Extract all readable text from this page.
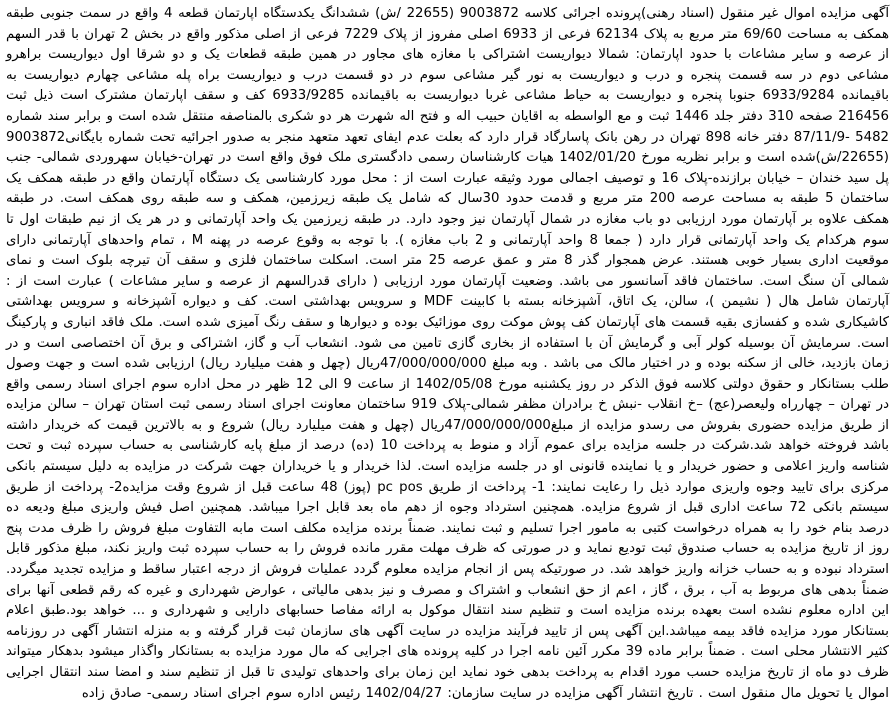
آگهی مزایده اموال غیر منقول (اسناد رهنی)پرونده اجرائی کلاسه 9003872 (22655 /ش) ششدانگ یکدستگاه اپارتمان قطعه 4 واقع در سمت جنوبی طبقه همکف به مساحت 69/60 متر مربع به پلاک 62134 فرعی از 6933 اصلی مفروز از پلاک 7229 فرعی از اصلی مذکور واقع در بخش 2 تهران با قدر السهم از عرصه و سایر مشاعات با حدود اپارتمان: شمالا دیواریست اشتراکی با مغازه های مجاور در همین طبقه قطعات یک و دو شرقا اول دیواریست براهرو مشاعی دوم در سه قسمت پنجره و درب و دیواریست به نور گیر مشاعی سوم در دو قسمت درب و دیواریست براه پله مشاعی چهارم دیواریست به باقیمانده 6933/9284 جنوبا پنجره و دیواریست به حیاط مشاعی غربا دیواریست به باقیمانده 6933/9285 کف و سقف اپارتمان مشترک است ذیل ثبت 216456 صفحه 310 دفتر جلد 1446 ثبت و مع الواسطه به اقایان حبیب اله و فتح اله شهرت هر دو شکری بالمناصفه منتقل شده است و برابر سند شماره 5482 -87/11/9 دفتر خانه 898 تهران در رهن بانک پاسارگاد قرار دارد که بعلت عدم ایفای تعهد متعهد منجر به صدور اجرائیه تحت شماره بایگانی9003872 (22655/ش)شده است و برابر نظریه مورخ 1402/01/20 هیات کارشناسان رسمی دادگستری ملک فوق واقع است در تهران-خیابان سهروردی شمالی- جنب پل سید خندان – خیابان برازنده-پلاک 16 و توصیف اجمالی مورد وثیقه عبارت است از : محل مورد کارشناسی یک دستگاه آپارتمان واقع در طبقه همکف یک ساختمان 5 طبقه به مساحت عرصه 200 متر مربع و قدمت حدود 30سال که شامل یک طبقه زیرزمین، همکف و سه طبقه روی همکف است. در طبقه همکف علاوه بر آپارتمان مورد ارزیابی دو باب مغازه در شمال آپارتمان نیز وجود دارد. در طبقه زیرزمین یک واحد آپارتمانی و در هر یک از نیم طبقات اول تا سوم هرکدام یک واحد آپارتمانی قرار دارد ( جمعا 8 واحد آپارتمانی و 2 باب مغازه ). با توجه به وقوع عرصه در پهنه M ، تمام واحدهای آپارتمانی دارای موقعیت اداری بسیار خوبی هستند. عرض همجوار گذر 8 متر و عمق عرصه 25 متر است. اسکلت ساختمان فلزی و سقف آن تیرچه بلوک است و نمای شمالی آن سنگ است. ساختمان فاقد آسانسور می باشد. وضعیت آپارتمان مورد ارزیابی ( دارای قدرالسهم از عرصه و سایر مشاعات ) عبارت است از : آپارتمان شامل هال ( نشیمن )، سالن، یک اتاق، آشپزخانه بسته با کابینت MDF و سرویس بهداشتی است. کف و دیواره آشپزخانه و سرویس بهداشتی کاشیکاری شده و کفسازی بقیه قسمت های آپارتمان کف پوش موکت روی موزائیک بوده و دیوارها و سقف رنگ آمیزی شده است. ملک فاقد انباری و پارکینگ است. سرمایش آن بوسیله کولر آبی و گرمایش آن با استفاده از بخاری گازی تامین می شود. انشعاب آب و گاز، اشتراکی و برق آن اختصاصی است و در زمان بازدید، خالی از سکنه بوده و در اختیار مالک می باشد . وبه مبلغ 47/000/000/000ریال (چهل و هفت میلیارد ریال) ارزیابی شده است و جهت وصول طلب بستانکار و حقوق دولتی کلاسه فوق الذکر در روز یکشنبه مورخ 1402/05/08 از ساعت 9 الی 12 ظهر در محل اداره سوم اجرای اسناد رسمی واقع در تهران – چهارراه ولیعصر(عج) –خ انقلاب -نبش خ برادران مظفر شمالی-پلاک 919 ساختمان معاونت اجرای اسناد رسمی ثبت استان تهران – سالن مزایده از طریق مزایده حضوری بفروش می رسدو مزایده از مبلغ47/000/000/000ریال (چهل و هفت میلیارد ریال) شروع و به بالاترین قیمت که خریدار داشته باشد فروخته خواهد شد.شرکت در جلسه مزایده برای عموم آزاد و منوط به پرداخت 10 (ده) درصد از مبلغ پایه کارشناسی به حساب سپرده ثبت و تحت شناسه واریز اعلامی و حضور خریدار و یا نماینده قانونی او در جلسه مزایده است. لذا خریدار و یا خریداران جهت شرکت در مزایده به دلیل سیستم بانکی مرکزی برای تایید وجوه واریزی موارد ذیل را رعایت نمایند: 1- پرداخت از طریق pc pos (پوز) 48 ساعت قبل از شروع وقت مزایده2- پرداخت از طریق سیستم بانکی 72 ساعت اداری قبل از شروع مزایده. همچنین استرداد وجوه از دهم ماه بعد قابل اجرا میباشد. همچنین اصل فیش واریزی مبلغ ودیعه ده درصد بنام خود را به همراه درخواست کتبی به مامور اجرا تسلیم و ثبت نمایند. ضمناً برنده مزایده مکلف است مابه التفاوت مبلغ فروش را ظرف مدت پنج روز از تاریخ مزایده به حساب صندوق ثبت تودیع نماید و در صورتی که ظرف مهلت مقرر مانده فروش را به حساب سپرده ثبت واریز نکند، مبلغ مذکور قابل استرداد نبوده و به حساب خزانه واریز خواهد شد. در صورتیکه پس از انجام مزایده معلوم گردد عملیات فروش از درجه اعتبار ساقط و مزایده تجدید میگردد. ضمناً بدهی های مربوط به آب ، برق ، گاز ، اعم از حق انشعاب و اشتراک و مصرف و نیز بدهی مالیاتی ، عوارض شهرداری و غیره که رقم قطعی آنها برای این اداره معلوم نشده است بعهده برنده مزایده است و تنظیم سند انتقال موکول به ارائه مفاصا حسابهای دارایی و شهرداری و ... خواهد بود.طبق اعلام بستانکار مورد مزایده فاقد بیمه میباشد.این آگهی پس از تایید فرآیند مزایده در سایت آگهی های سازمان ثبت قرار گرفته و به منزله انتشار آگهی در روزنامه کثیر الانتشار محلی است . ضمناً برابر ماده 39 مکرر آئین نامه اجرا در کلیه پرونده های اجرایی که مال مورد مزایده به بستانکار واگذار میشود بدهکار میتواند ظرف دو ماه از تاریخ مزایده حسب مورد اقدام به پرداخت بدهی خود نماید این زمان برای واحدهای تولیدی تا قبل از تنظیم سند و امضا سند انتقال اجرایی اموال یا تحویل مال منقول است . تاریخ انتشار آگهی مزایده در سایت سازمان: 1402/04/27 رئیس اداره سوم اجرای اسناد رسمی- صادق زاده
